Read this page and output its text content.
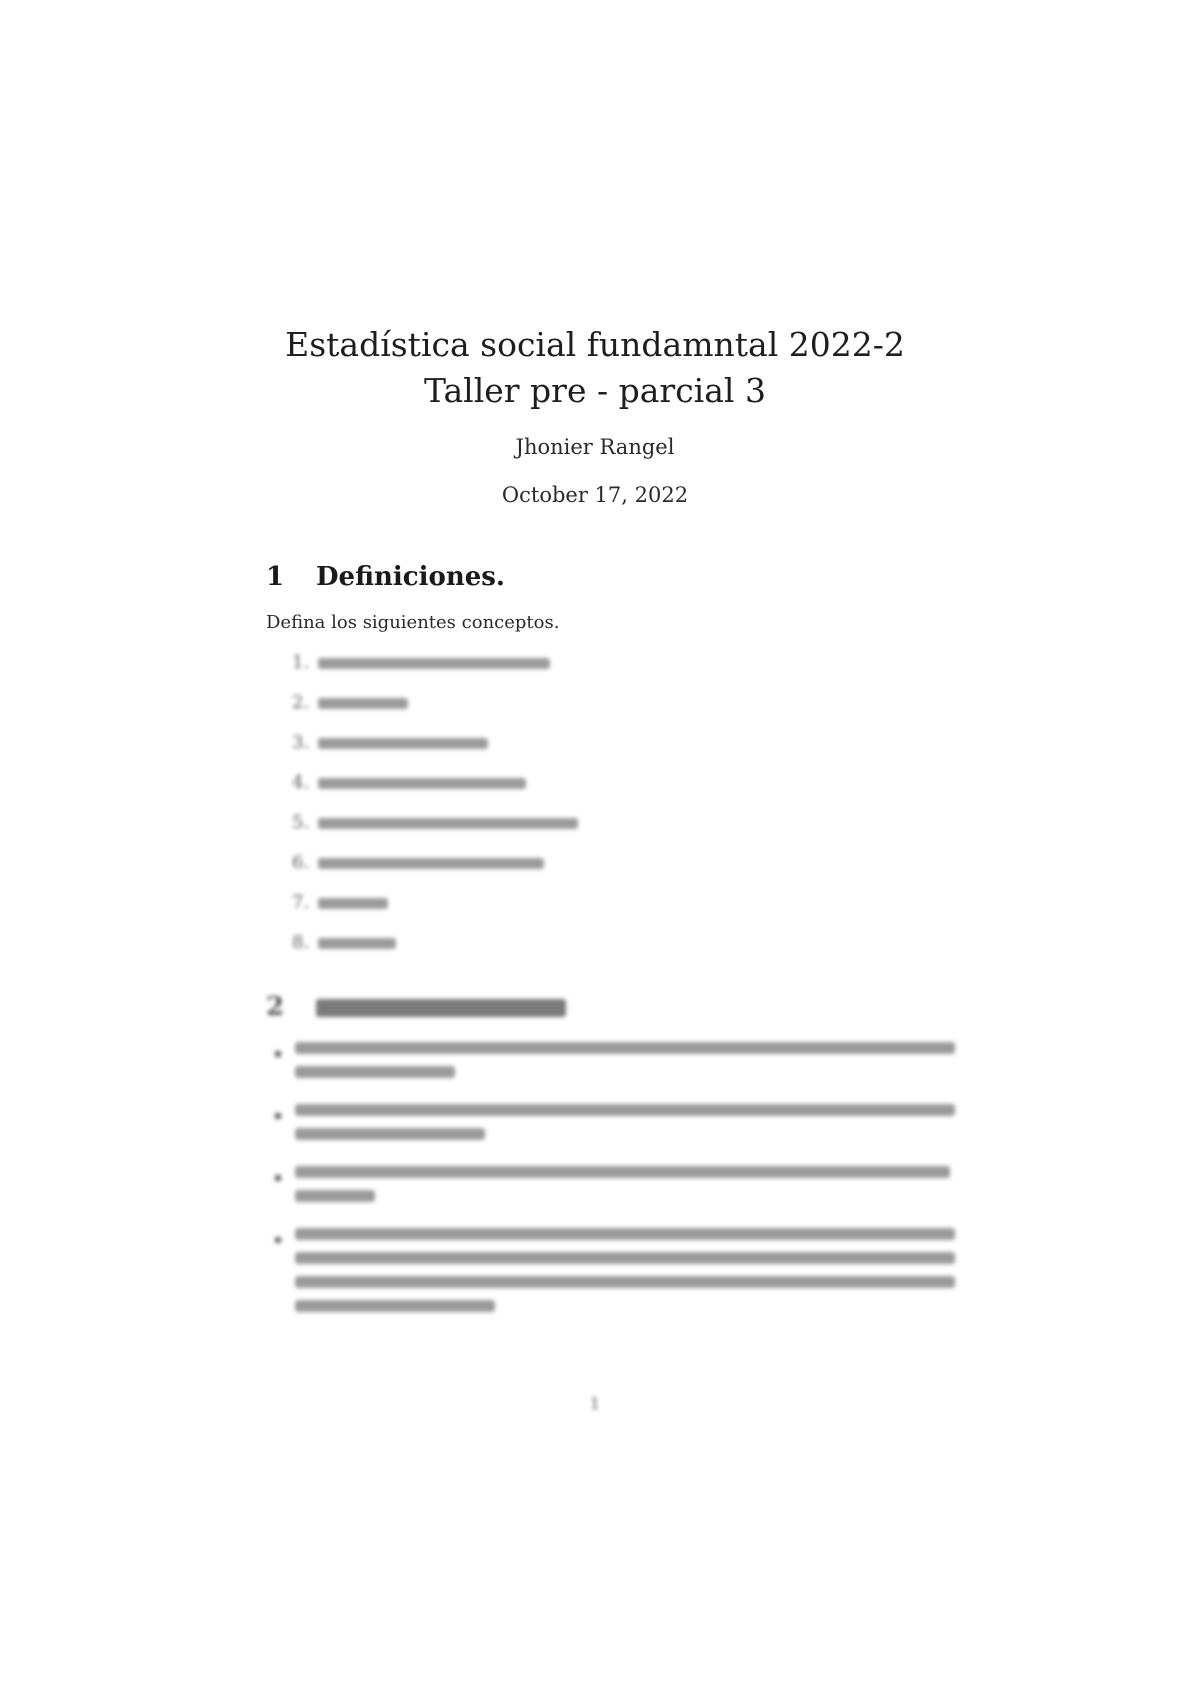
Estadística social fundamntal 2022-2
Taller pre - parcial 3
Jhonier Rangel
October 17, 2022
1 Definiciones.
Defina los siguientes conceptos.
1.
2.
3.
4.
5.
6.
7.
8.
2
1
